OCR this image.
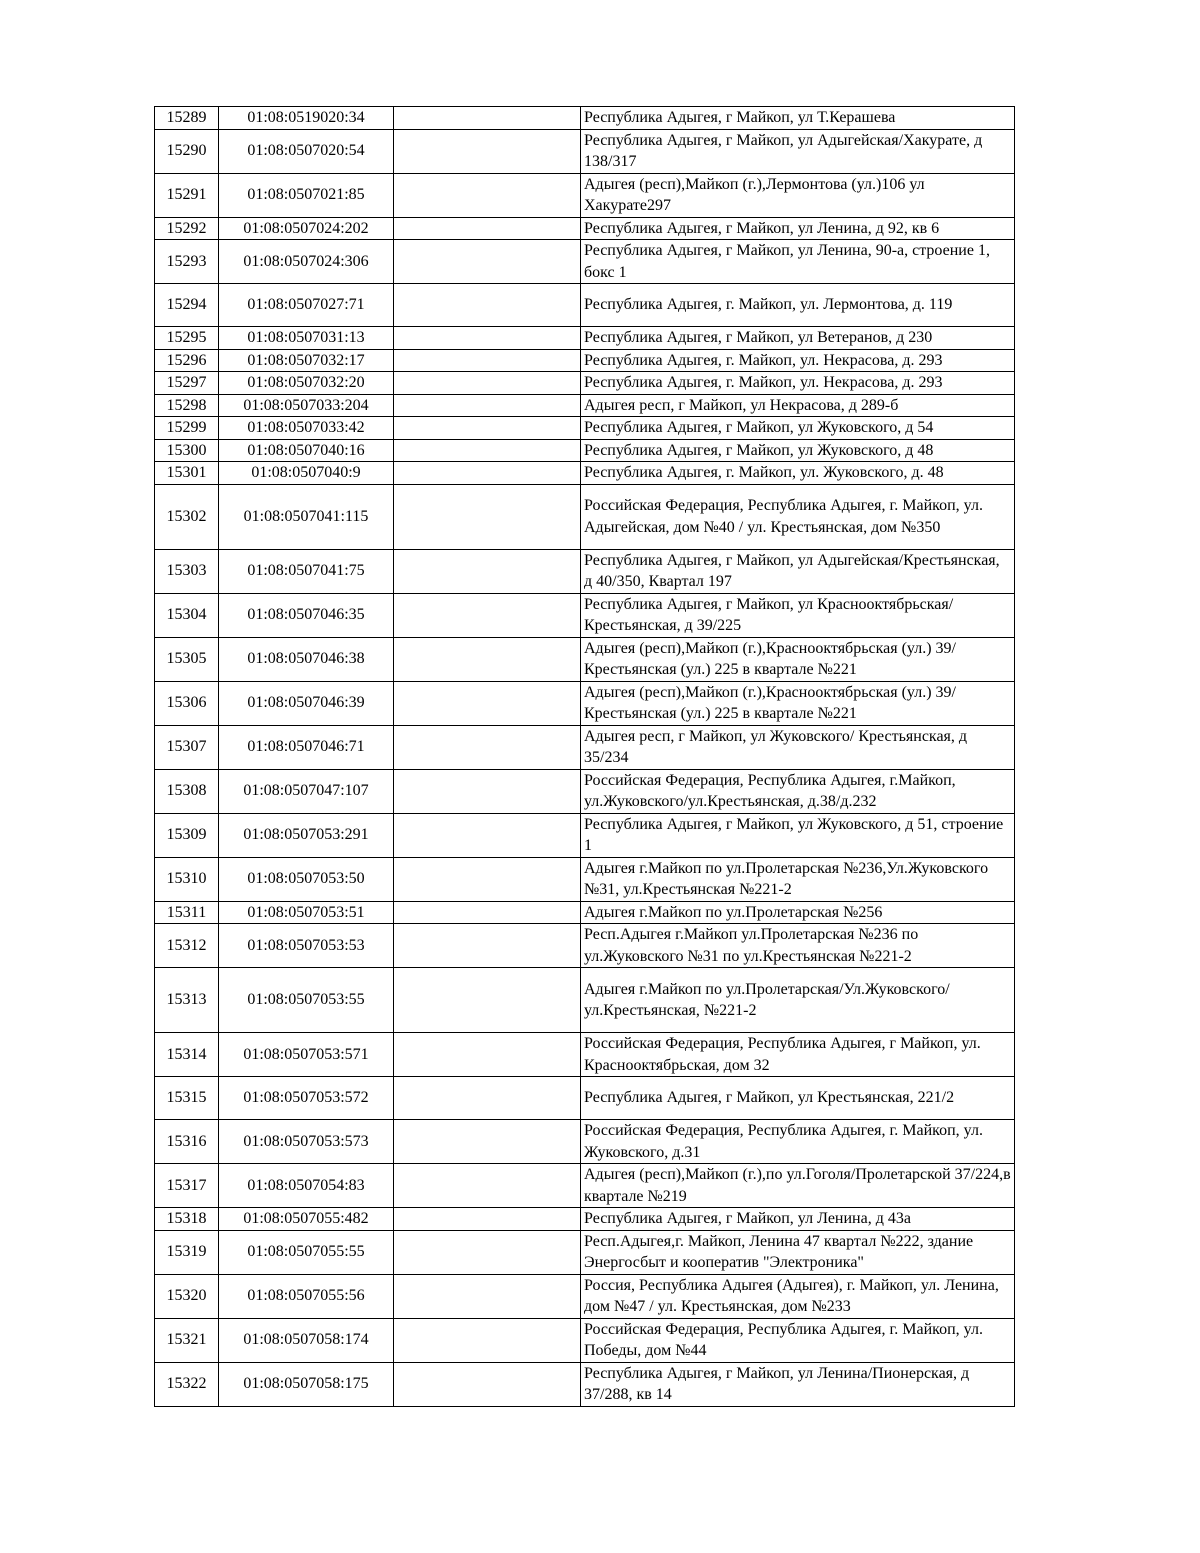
15289	01:08:0519020:34		Республика Адыгея, г Майкоп, ул Т.Керашева

15290	01:08:0507020:54		Республика Адыгея, г Майкоп, ул Адыгейская/Хакурате, д 138/317

15291	01:08:0507021:85		Адыгея (респ),Майкоп (г.),Лермонтова (ул.)106 ул Хакурате297

15292	01:08:0507024:202		Республика Адыгея, г Майкоп, ул Ленина, д 92, кв 6

15293	01:08:0507024:306		Республика Адыгея, г Майкоп, ул Ленина, 90-а, строение 1, бокс 1

15294	01:08:0507027:71		Республика Адыгея, г. Майкоп, ул. Лермонтова, д. 119

15295	01:08:0507031:13		Республика Адыгея, г Майкоп, ул Ветеранов, д 230

15296	01:08:0507032:17		Республика Адыгея, г. Майкоп, ул. Некрасова, д. 293

15297	01:08:0507032:20		Республика Адыгея, г. Майкоп, ул. Некрасова, д. 293

15298	01:08:0507033:204		Адыгея респ, г Майкоп, ул Некрасова, д 289-б

15299	01:08:0507033:42		Республика Адыгея, г Майкоп, ул Жуковского, д 54

15300	01:08:0507040:16		Республика Адыгея, г Майкоп, ул Жуковского, д 48

15301	01:08:0507040:9		Республика Адыгея, г. Майкоп, ул. Жуковского, д. 48

15302	01:08:0507041:115		Российская Федерация, Республика Адыгея, г. Майкоп, ул. Адыгейская, дом №40 / ул. Крестьянская, дом №350

15303	01:08:0507041:75		Республика Адыгея, г Майкоп, ул Адыгейская/Крестьянская, д 40/350, Квартал 197

15304	01:08:0507046:35		Республика Адыгея, г Майкоп, ул Краснооктябрьская/Крестьянская, д 39/225

15305	01:08:0507046:38		Адыгея (респ),Майкоп (г.),Краснооктябрьская (ул.) 39/Крестьянская (ул.) 225 в квартале №221

15306	01:08:0507046:39		Адыгея (респ),Майкоп (г.),Краснооктябрьская (ул.) 39/Крестьянская (ул.) 225 в квартале №221

15307	01:08:0507046:71		Адыгея респ, г Майкоп, ул Жуковского/ Крестьянская, д 35/234

15308	01:08:0507047:107		Российская Федерация, Республика Адыгея, г.Майкоп, ул.Жуковского/ул.Крестьянская, д.38/д.232

15309	01:08:0507053:291		Республика Адыгея, г Майкоп, ул Жуковского, д 51, строение 1

15310	01:08:0507053:50		Адыгея г.Майкоп по ул.Пролетарская №236,Ул.Жуковского №31, ул.Крестьянская №221-2

15311	01:08:0507053:51		Адыгея г.Майкоп по ул.Пролетарская №256

15312	01:08:0507053:53		Респ.Адыгея г.Майкоп ул.Пролетарская №236 по ул.Жуковского №31 по ул.Крестьянская №221-2

15313	01:08:0507053:55		Адыгея г.Майкоп по ул.Пролетарская/Ул.Жуковского/ул.Крестьянская, №221-2

15314	01:08:0507053:571		Российская Федерация, Республика Адыгея, г Майкоп, ул. Краснооктябрьская, дом 32

15315	01:08:0507053:572		Республика Адыгея, г Майкоп, ул Крестьянская, 221/2

15316	01:08:0507053:573		Российская Федерация, Республика Адыгея, г. Майкоп, ул. Жуковского, д.31

15317	01:08:0507054:83		Адыгея (респ),Майкоп (г.),по ул.Гоголя/Пролетарской 37/224,в квартале №219

15318	01:08:0507055:482		Республика Адыгея, г Майкоп, ул Ленина, д 43а

15319	01:08:0507055:55		Респ.Адыгея,г. Майкоп, Ленина 47 квартал №222, здание Энергосбыт и кооператив "Электроника"

15320	01:08:0507055:56		Россия, Республика Адыгея (Адыгея), г. Майкоп, ул. Ленина, дом №47 / ул. Крестьянская, дом №233

15321	01:08:0507058:174		Российская Федерация, Республика Адыгея, г. Майкоп, ул. Победы, дом №44

15322	01:08:0507058:175		Республика Адыгея, г Майкоп, ул Ленина/Пионерская, д 37/288, кв 14
